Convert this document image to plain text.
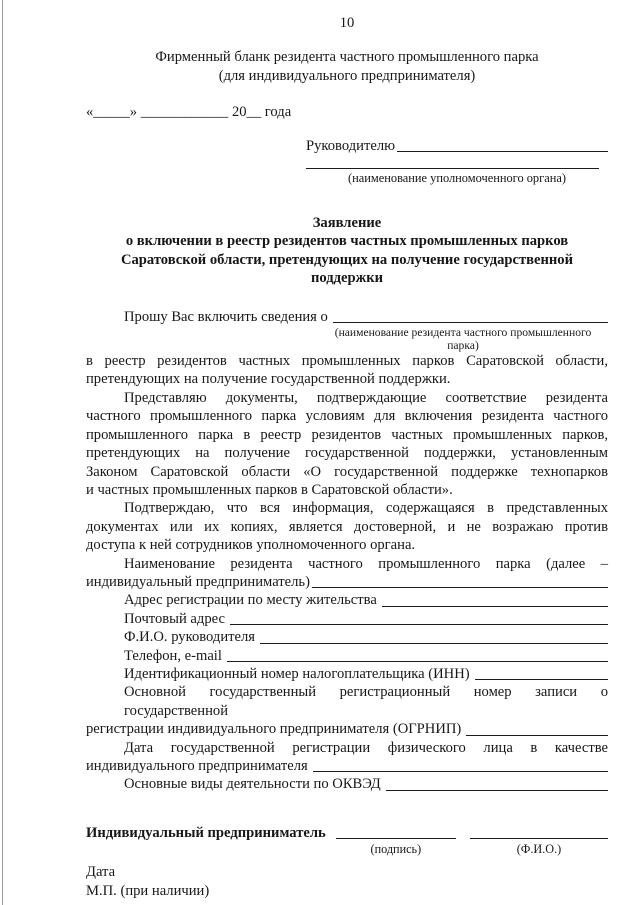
10
Фирменный бланк резидента частного промышленного парка
(для индивидуального предпринимателя)
«_____» ____________ 20__ года
Руководителю
(наименование уполномоченного органа)
Заявление
о включении в реестр резидентов частных промышленных парков
Саратовской области, претендующих на получение государственной поддержки
Прошу Вас включить сведения о
(наименование резидента частного промышленного парка)
в реестр резидентов частных промышленных парков Саратовской области,
претендующих на получение государственной поддержки.
Представляю документы, подтверждающие соответствие резидента
частного промышленного парка условиям для включения резидента частного
промышленного парка в реестр резидентов частных промышленных парков,
претендующих на получение государственной поддержки, установленным
Законом Саратовской области «О государственной поддержке технопарков
и частных промышленных парков в Саратовской области».
Подтверждаю, что вся информация, содержащаяся в представленных
документах или их копиях, является достоверной, и не возражаю против
доступа к ней сотрудников уполномоченного органа.
Наименование резидента частного промышленного парка (далее –
индивидуальный предприниматель)
Адрес регистрации по месту жительства
Почтовый адрес
Ф.И.О. руководителя
Телефон, e-mail
Идентификационный номер налогоплательщика (ИНН)
Основной государственный регистрационный номер записи о государственной
регистрации индивидуального предпринимателя (ОГРНИП)
Дата государственной регистрации физического лица в качестве
индивидуального предпринимателя
Основные виды деятельности по ОКВЭД
Индивидуальный предприниматель
(подпись)	(Ф.И.О.)
Дата
М.П. (при наличии)
